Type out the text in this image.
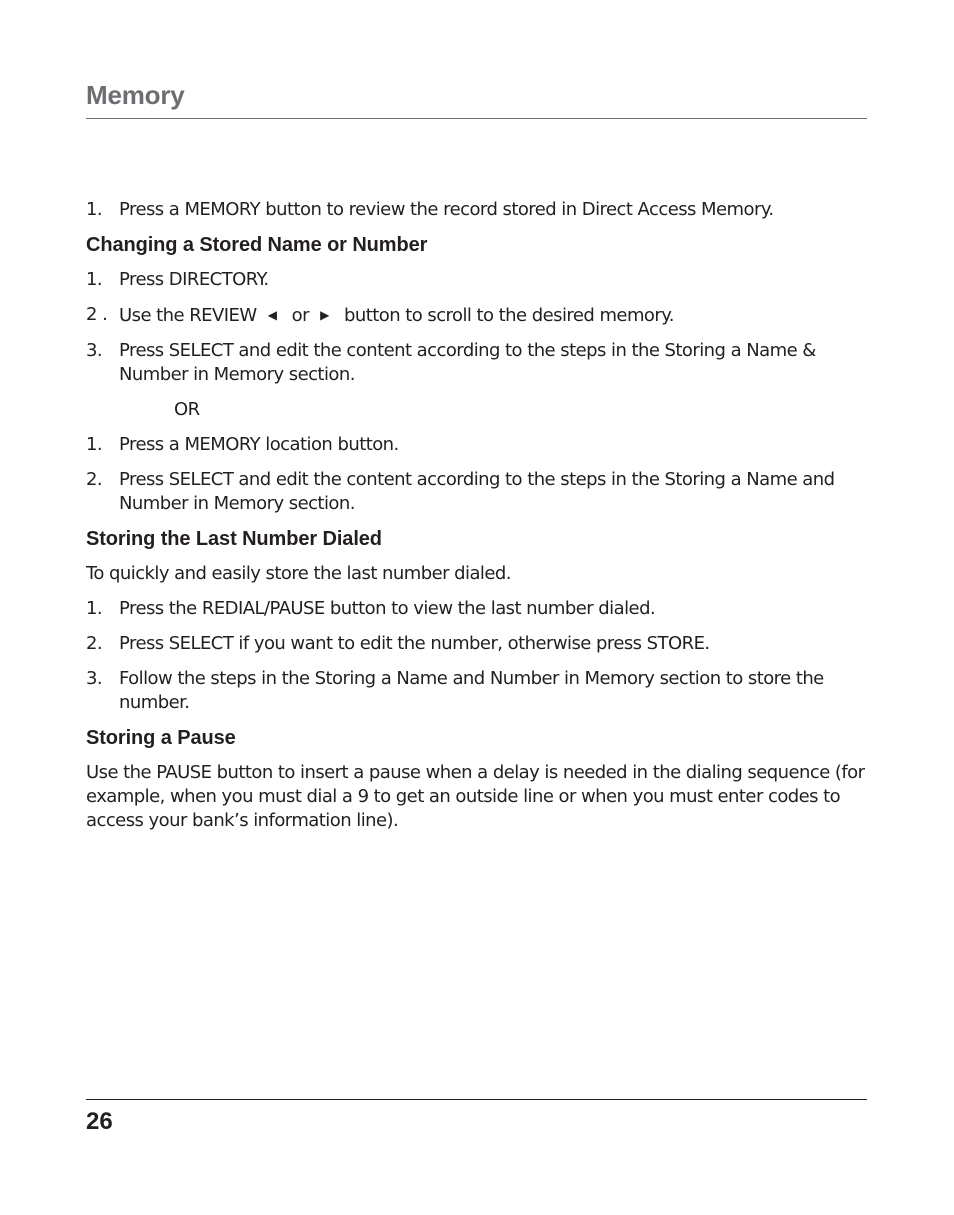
Memory
1. Press a MEMORY button to review the record stored in Direct Access Memory.
Changing a Stored Name or Number
1. Press DIRECTORY.
2 . Use the REVIEW ◀ or ▶ button to scroll to the desired memory.
3. Press SELECT and edit the content according to the steps in the Storing a Name & Number in Memory section.
OR
1. Press a MEMORY location button.
2. Press SELECT and edit the content according to the steps in the Storing a Name and Number in Memory section.
Storing the Last Number Dialed
To quickly and easily store the last number dialed.
1. Press the REDIAL/PAUSE button to view the last number dialed.
2. Press SELECT if you want to edit the number, otherwise press STORE.
3. Follow the steps in the Storing a Name and Number in Memory section to store the number.
Storing a Pause
Use the PAUSE button to insert a pause when a delay is needed in the dialing sequence (for example, when you must dial a 9 to get an outside line or when you must enter codes to access your bank’s information line).
26
